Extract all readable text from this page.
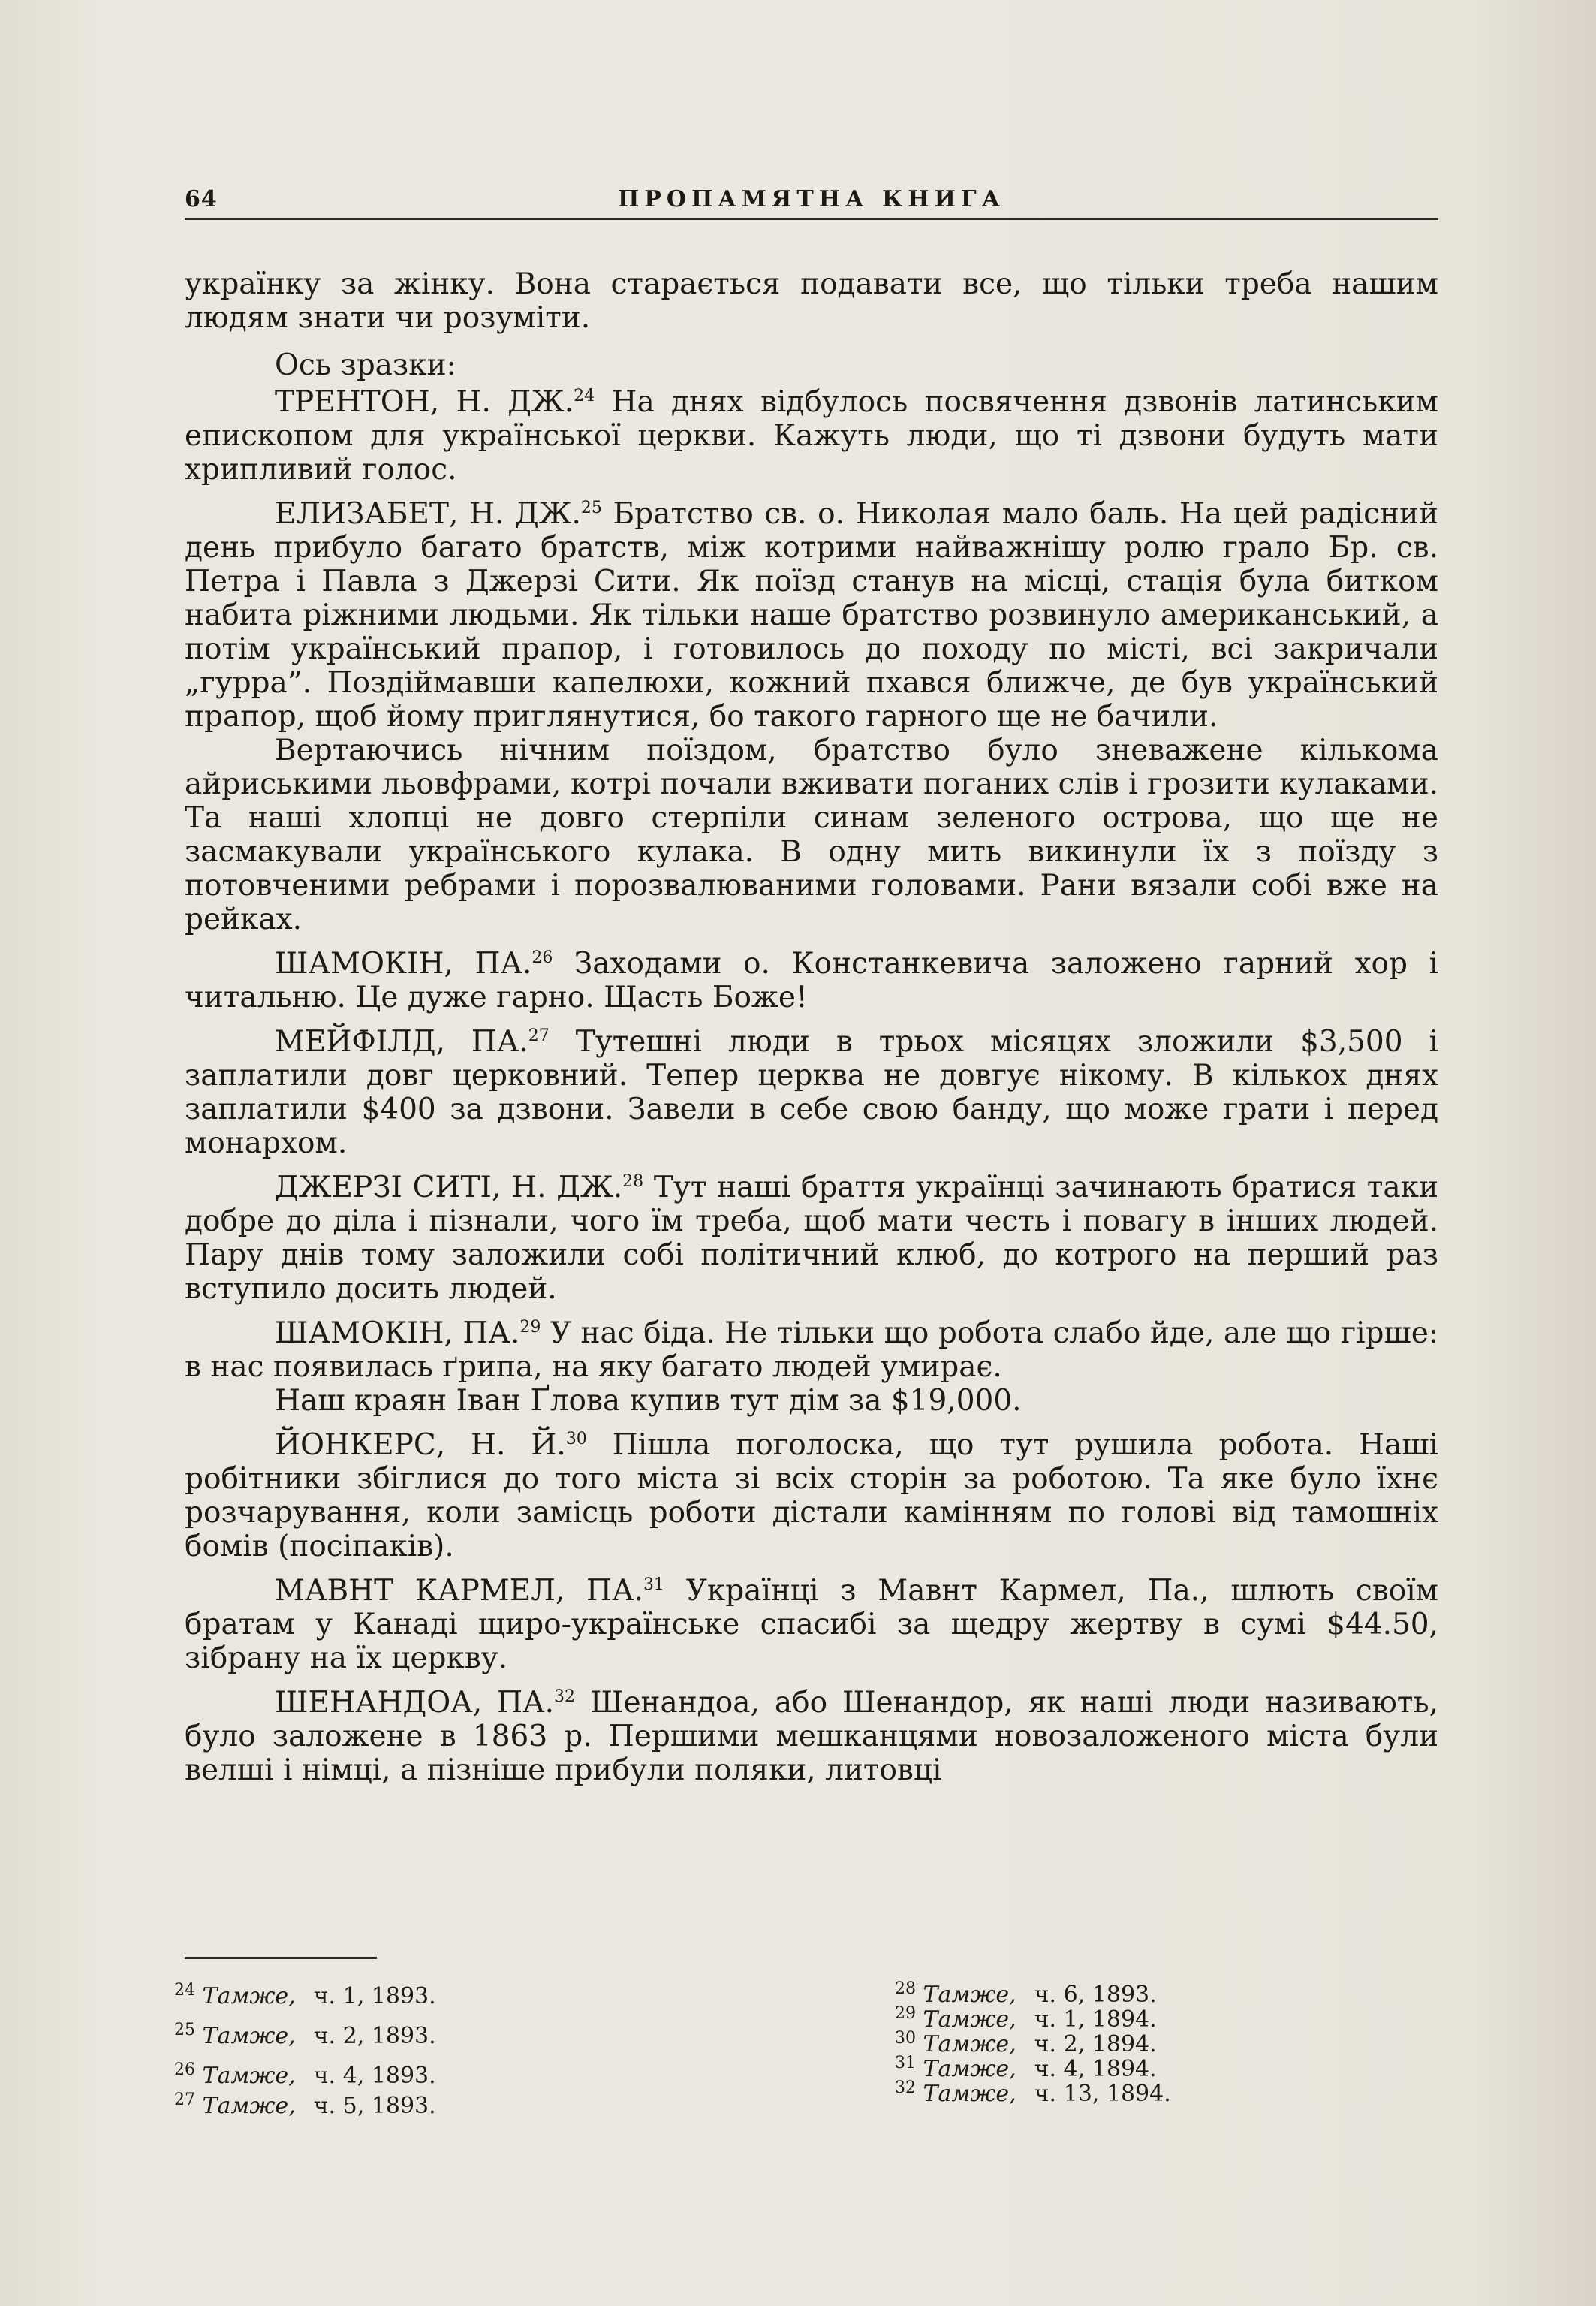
64	ПРОПАМЯТНА КНИГА

українку за жінку. Вона старається подавати все, що тільки треба нашим людям знати чи розуміти.

Ось зразки:

ТРЕНТОН, Н. ДЖ.$^{24}$ На днях відбулось посвячення дзвонів латинським епископом для української церкви. Кажуть люди, що ті дзвони будуть мати хрипливий голос.

ЕЛИЗАБЕТ, Н. ДЖ.$^{25}$ Братство св. о. Николая мало баль. На цей радісний день прибуло багато братств, між котрими найважнішу ролю грало Бр. св. Петра і Павла з Джерзі Сити. Як поїзд станув на місці, стація була битком набита ріжними людьми. Як тільки наше братство розвинуло американський, а потім український прапор, і готовилось до походу по місті, всі закричали „гурра”. Поздіймавши капелюхи, кожний пхався ближче, де був український прапор, щоб йому приглянутися, бо такого гарного ще не бачили.

Вертаючись нічним поїздом, братство було зневажене кількома айриськими льовфрами, котрі почали вживати поганих слів і грозити кулаками. Та наші хлопці не довго стерпіли синам зеленого острова, що ще не засмакували українського кулака. В одну мить викинули їх з поїзду з потовченими ребрами і порозвалюваними головами. Рани вязали собі вже на рейках.

ШАМОКІН, ПА.$^{26}$ Заходами о. Констанкевича заложено гарний хор і читальню. Це дуже гарно. Щасть Боже!

МЕЙФІЛД, ПА.$^{27}$ Тутешні люди в трьох місяцях зложили $3,500 і заплатили довг церковний. Тепер церква не довгує нікому. В кількох днях заплатили $400 за дзвони. Завели в себе свою банду, що може грати і перед монархом.

ДЖЕРЗІ СИТІ, Н. ДЖ.$^{28}$ Тут наші браття українці зачинають братися таки добре до діла і пізнали, чого їм треба, щоб мати честь і повагу в інших людей. Пару днів тому заложили собі політичний клюб, до котрого на перший раз вступило досить людей.

ШАМОКІН, ПА.$^{29}$ У нас біда. Не тільки що робота слабо йде, але що гірше: в нас появилась ґрипа, на яку багато людей умирає.

Наш краян Іван Ґлова купив тут дім за $19,000.

ЙОНКЕРС, Н. Й.$^{30}$ Пішла поголоска, що тут рушила робота. Наші робітники збіглися до того міста зі всіх сторін за роботою. Та яке було їхнє розчарування, коли замісць роботи дістали камінням по голові від тамошніх бомів (посіпаків).

МАВНТ КАРМЕЛ, ПА.$^{31}$ Українці з Мавнт Кармел, Па., шлють своїм братам у Канаді щиро-українське спасибі за щедру жертву в сумі $44.50, зібрану на їх церкву.

ШЕНАНДОА, ПА.$^{32}$ Шенандоа, або Шенандор, як наші люди називають, було заложене в 1863 р. Першими мешканцями новозаложеного міста були велші і німці, а пізніше прибули поляки, литовці

$^{24}$ Тамже, ч. 1, 1893.
$^{25}$ Тамже, ч. 2, 1893.
$^{26}$ Тамже, ч. 4, 1893.
$^{27}$ Тамже, ч. 5, 1893.
$^{28}$ Тамже, ч. 6, 1893.
$^{29}$ Тамже, ч. 1, 1894.
$^{30}$ Тамже, ч. 2, 1894.
$^{31}$ Тамже, ч. 4, 1894.
$^{32}$ Тамже, ч. 13, 1894.
